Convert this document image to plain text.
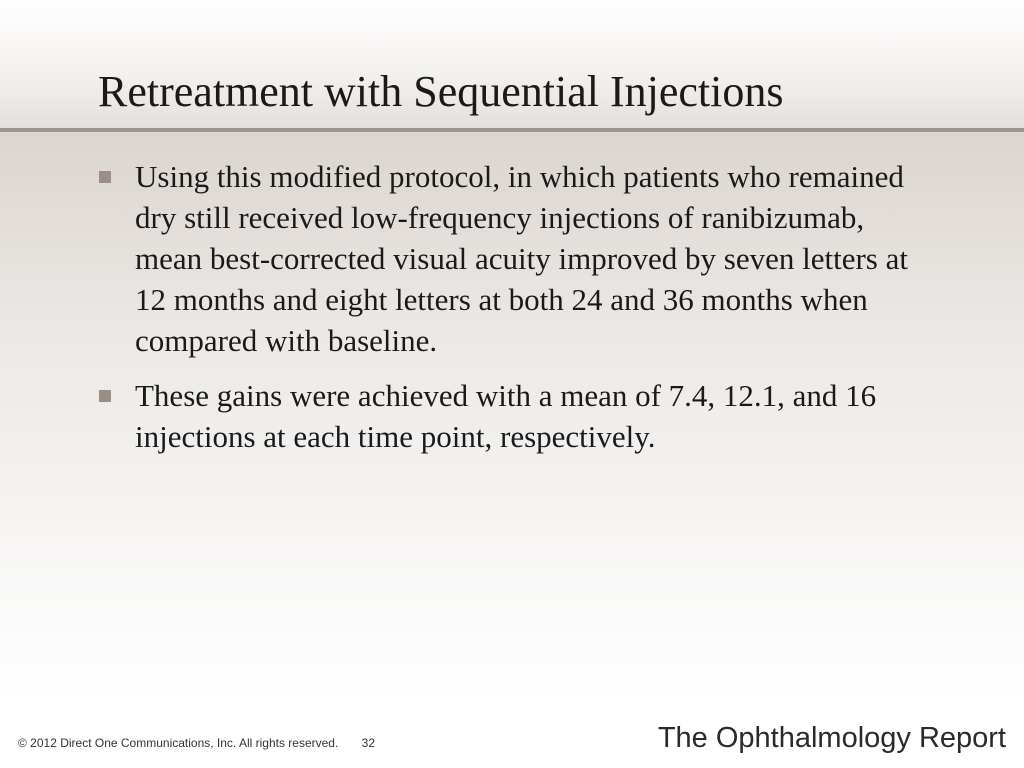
Retreatment with Sequential Injections
Using this modified protocol, in which patients who remained dry still received low-frequency injections of ranibizumab, mean best-corrected visual acuity improved by seven letters at 12 months and eight letters at both 24 and 36 months when compared with baseline.
These gains were achieved with a mean of 7.4, 12.1, and 16 injections at each time point, respectively.
© 2012 Direct One Communications, Inc. All rights reserved. 32	The Ophthalmology Report
